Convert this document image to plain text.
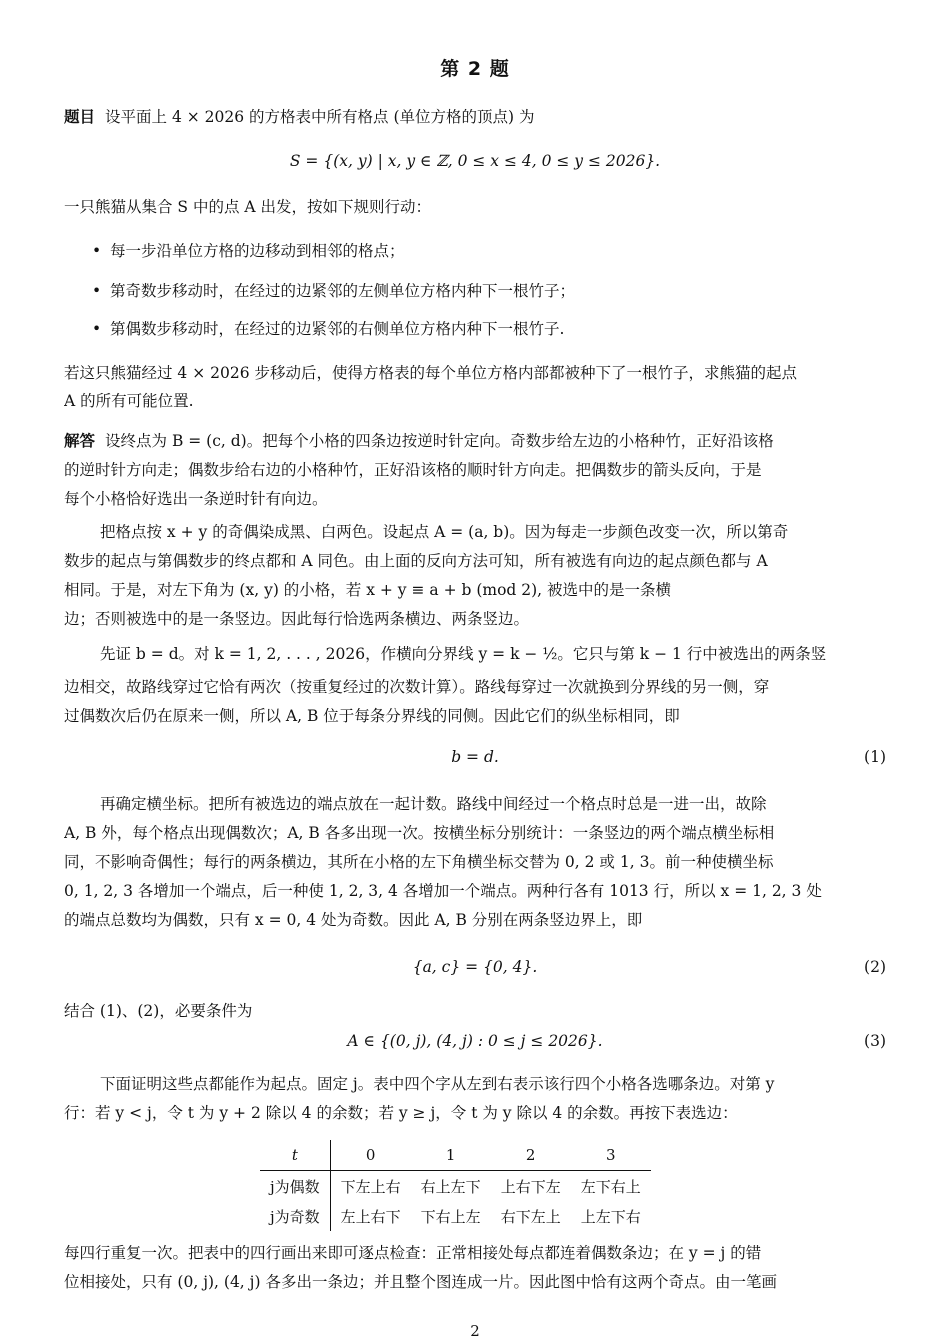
第 2 题
题目 设平面上 4 × 2026 的方格表中所有格点 (单位方格的顶点) 为
S = {(x, y) | x, y ∈ ℤ, 0 ≤ x ≤ 4, 0 ≤ y ≤ 2026}.
一只熊猫从集合 S 中的点 A 出发，按如下规则行动：
• 每一步沿单位方格的边移动到相邻的格点；
• 第奇数步移动时，在经过的边紧邻的左侧单位方格内种下一根竹子；
• 第偶数步移动时，在经过的边紧邻的右侧单位方格内种下一根竹子.
若这只熊猫经过 4 × 2026 步移动后，使得方格表的每个单位方格内部都被种下了一根竹子，求熊猫的起点
A 的所有可能位置.
解答 设终点为 B = (c, d)。把每个小格的四条边按逆时针定向。奇数步给左边的小格种竹，正好沿该格
的逆时针方向走；偶数步给右边的小格种竹，正好沿该格的顺时针方向走。把偶数步的箭头反向，于是
每个小格恰好选出一条逆时针有向边。
把格点按 x + y 的奇偶染成黑、白两色。设起点 A = (a, b)。因为每走一步颜色改变一次，所以第奇
数步的起点与第偶数步的终点都和 A 同色。由上面的反向方法可知，所有被选有向边的起点颜色都与 A
相同。于是，对左下角为 (x, y) 的小格，若 x + y ≡ a + b (mod 2), 被选中的是一条横
边；否则被选中的是一条竖边。因此每行恰选两条横边、两条竖边。
先证 b = d。对 k = 1, 2, . . . , 2026，作横向分界线 y = k − ½。它只与第 k − 1 行中被选出的两条竖
边相交，故路线穿过它恰有两次（按重复经过的次数计算）。路线每穿过一次就换到分界线的另一侧，穿
过偶数次后仍在原来一侧，所以 A, B 位于每条分界线的同侧。因此它们的纵坐标相同，即
b = d.	(1)
再确定横坐标。把所有被选边的端点放在一起计数。路线中间经过一个格点时总是一进一出，故除
A, B 外，每个格点出现偶数次；A, B 各多出现一次。按横坐标分别统计：一条竖边的两个端点横坐标相
同，不影响奇偶性；每行的两条横边，其所在小格的左下角横坐标交替为 0, 2 或 1, 3。前一种使横坐标
0, 1, 2, 3 各增加一个端点，后一种使 1, 2, 3, 4 各增加一个端点。两种行各有 1013 行，所以 x = 1, 2, 3 处
的端点总数均为偶数，只有 x = 0, 4 处为奇数。因此 A, B 分别在两条竖边界上，即
{a, c} = {0, 4}.	(2)
结合 (1)、(2)，必要条件为
A ∈ {(0, j), (4, j) : 0 ≤ j ≤ 2026}.	(3)
下面证明这些点都能作为起点。固定 j。表中四个字从左到右表示该行四个小格各选哪条边。对第 y
行：若 y < j，令 t 为 y + 2 除以 4 的余数；若 y ≥ j，令 t 为 y 除以 4 的余数。再按下表选边：
t	0	1	2	3
j为偶数	下左上右	右上左下	上右下左	左下右上
j为奇数	左上右下	下右上左	右下左上	上左下右
每四行重复一次。把表中的四行画出来即可逐点检查：正常相接处每点都连着偶数条边；在 y = j 的错
位相接处，只有 (0, j), (4, j) 各多出一条边；并且整个图连成一片。因此图中恰有这两个奇点。由一笔画
2
